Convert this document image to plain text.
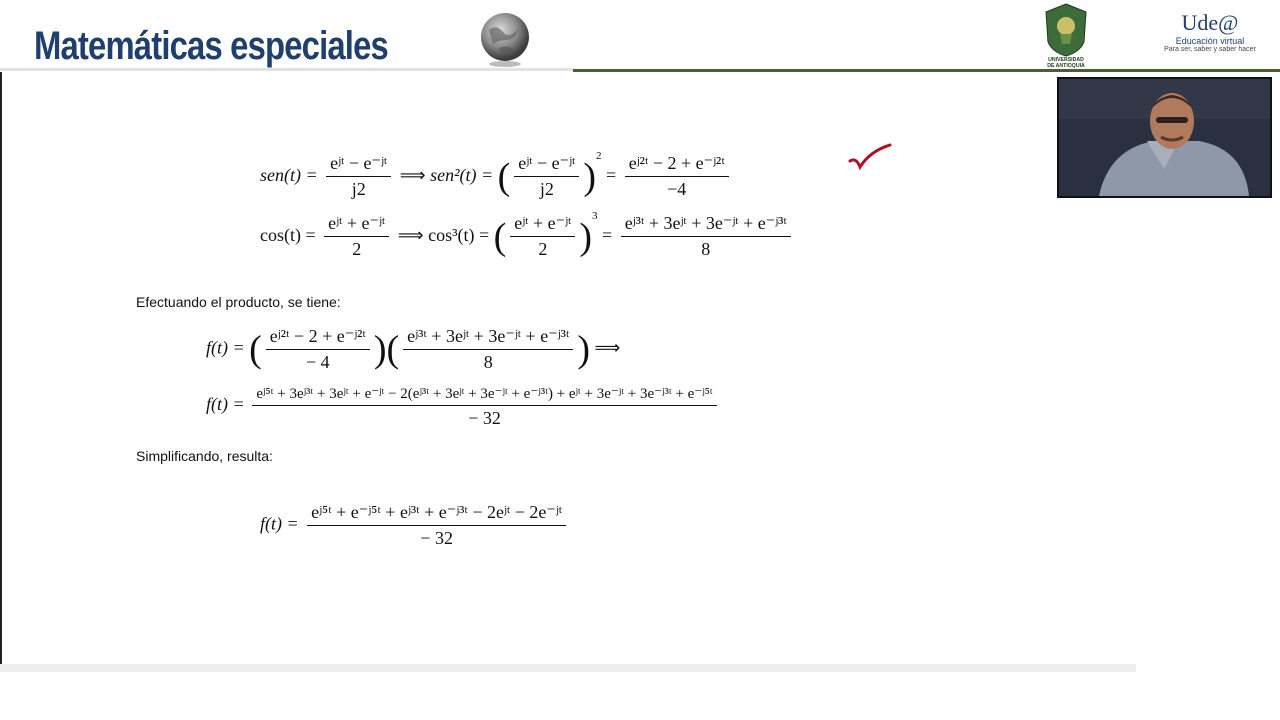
Matemáticas especiales	UNIVERSIDAD
DE ANTIOQUIA
Ude@
Educación virtual
Para ser, saber y saber hacer
$sen(t) = \frac{\text{eʲᵗ − e⁻ʲᵗ}}{j2}$ ⟹ sen²(t) = ( $\frac{\text{eʲᵗ − e⁻ʲᵗ}}{j2} )^2 = \frac{\text{eʲ²ᵗ − 2 + e⁻ʲ²ᵗ}}{-4}$
$\cos(t) = \frac{\text{eʲᵗ + e⁻ʲᵗ}}{2}$ ⟹ cos³(t) = ( $\frac{\text{eʲᵗ + e⁻ʲᵗ}}{2} )^3 = \frac{\text{eʲ³ᵗ + 3eʲᵗ + 3e⁻ʲᵗ + e⁻ʲ³ᵗ}}{8}$
Efectuando el producto, se tiene:
f(t) = ( $\frac{\text{eʲ²ᵗ − 2 + e⁻ʲ²ᵗ}}{- 4}$ )( $\frac{\text{eʲ³ᵗ + 3eʲᵗ + 3e⁻ʲᵗ + e⁻ʲ³ᵗ}}{8}$ ) ⟹
f(t) = eʲ⁵ᵗ + 3eʲ³ᵗ + 3eʲᵗ + e⁻ʲᵗ − 2(eʲ³ᵗ + 3eʲᵗ + 3e⁻ʲᵗ + e⁻ʲ³ᵗ) + eʲᵗ + 3e⁻ʲᵗ + 3e⁻ʲ³ᵗ + e⁻ʲ⁵ᵗ
− 32
Simplificando, resulta:
$f(t) = \frac{\text{eʲ⁵ᵗ + e⁻ʲ⁵ᵗ + eʲ³ᵗ + e⁻ʲ³ᵗ − 2eʲᵗ − 2e⁻ʲᵗ}}{- 32}$
